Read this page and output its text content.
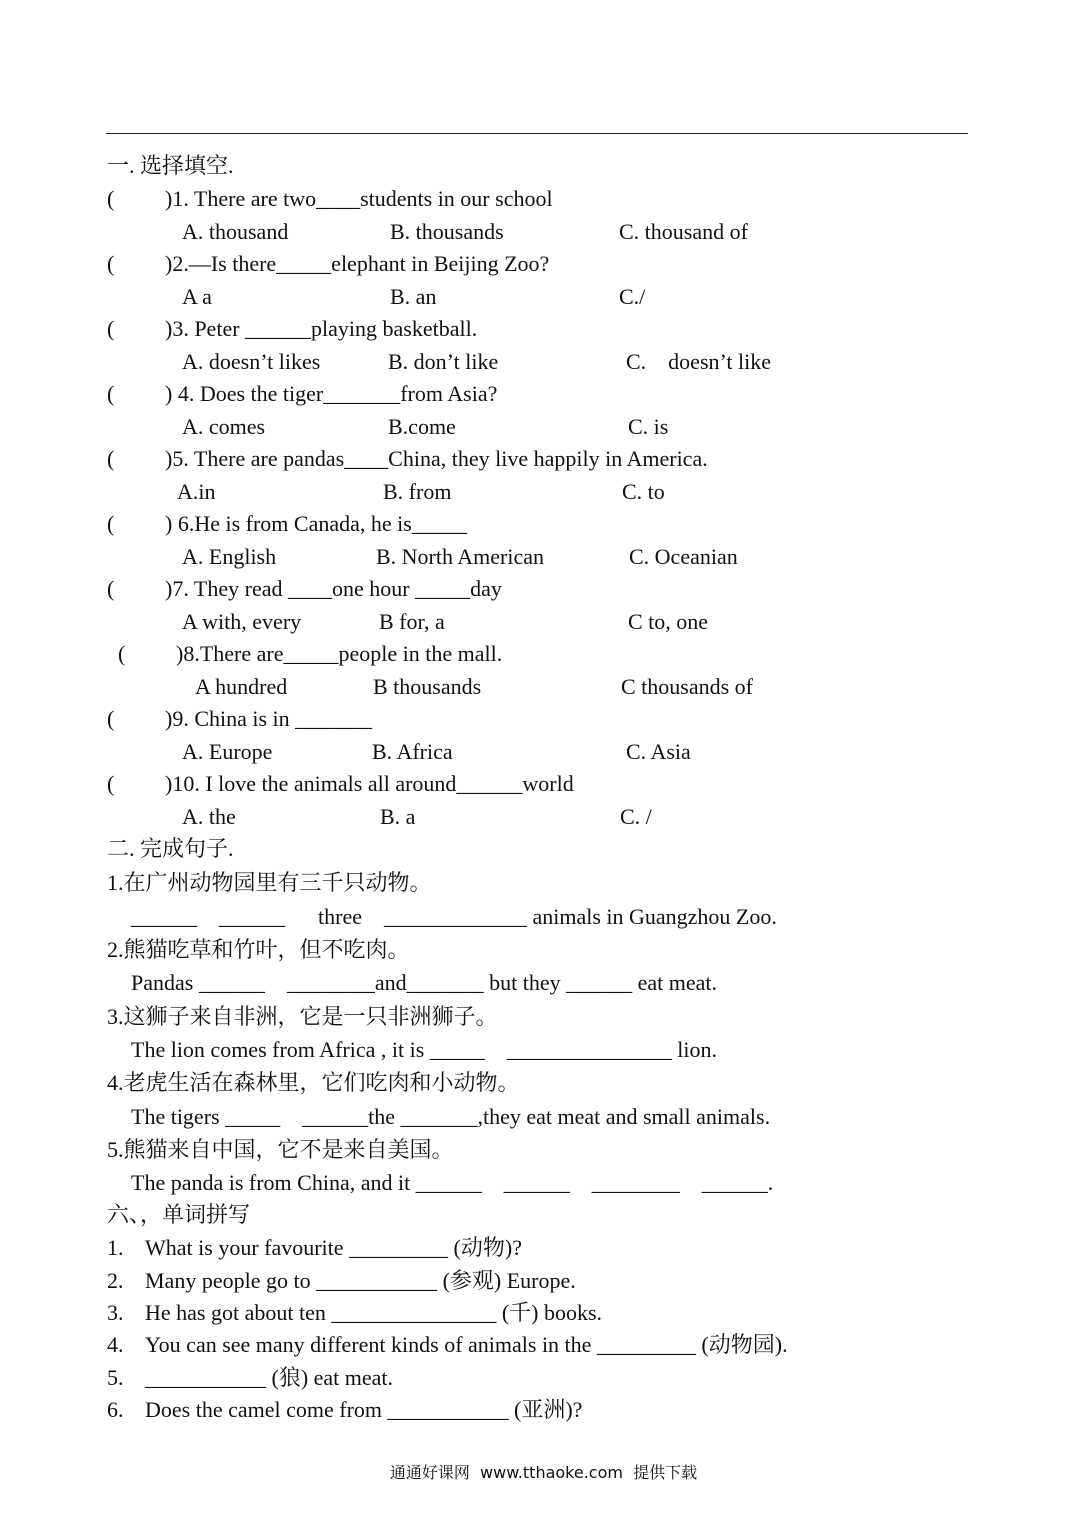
一. 选择填空.

(

)1. There are two____students in our school

A. thousand

	B. thousands

	C. thousand of

(

)2.—Is there_____elephant in Beijing Zoo?

A a

	B. an

	C./

(

)3. Peter ______playing basketball.

A. doesn’t likes

	B. don’t like

	C.    doesn’t like

(

) 4. Does the tiger_______from Asia?

A. comes

	B.come

	C. is

(

)5. There are pandas____China, they live happily in America.

A.in

	B. from

	C. to

(

) 6.He is from Canada, he is_____

A. English

	B. North American

	C. Oceanian

(

)7. They read ____one hour _____day

A with, every

	B for, a

	C to, one

(

)8.There are_____people in the mall.

A hundred

	B thousands

	C thousands of

(

)9. China is in _______

A. Europe

	B. Africa

	C. Asia

(

)10. I love the animals all around______world

A. the

	B. a

	C. /

二. 完成句子.

1.在广州动物园里有三千只动物。

______    ______      three    _____________ animals in Guangzhou Zoo.

2.熊猫吃草和竹叶，但不吃肉。

Pandas ______    ________and_______ but they ______ eat meat.

3.这狮子来自非洲，它是一只非洲狮子。

The lion comes from Africa , it is _____    _______________ lion.

4.老虎生活在森林里，它们吃肉和小动物。

The tigers _____    ______the _______,they eat meat and small animals.

5.熊猫来自中国，它不是来自美国。

The panda is from China, and it ______    ______    ________    ______.

六、，单词拼写

1.

What is your favourite _________ (动物)?

2.

Many people go to ___________ (参观) Europe.

3.

He has got about ten _______________ (千) books.

4.

You can see many different kinds of animals in the _________ (动物园).

5.

___________ (狼) eat meat.

6.

Does the camel come from ___________ (亚洲)?

通通好课网  www.tthaoke.com  提供下载
